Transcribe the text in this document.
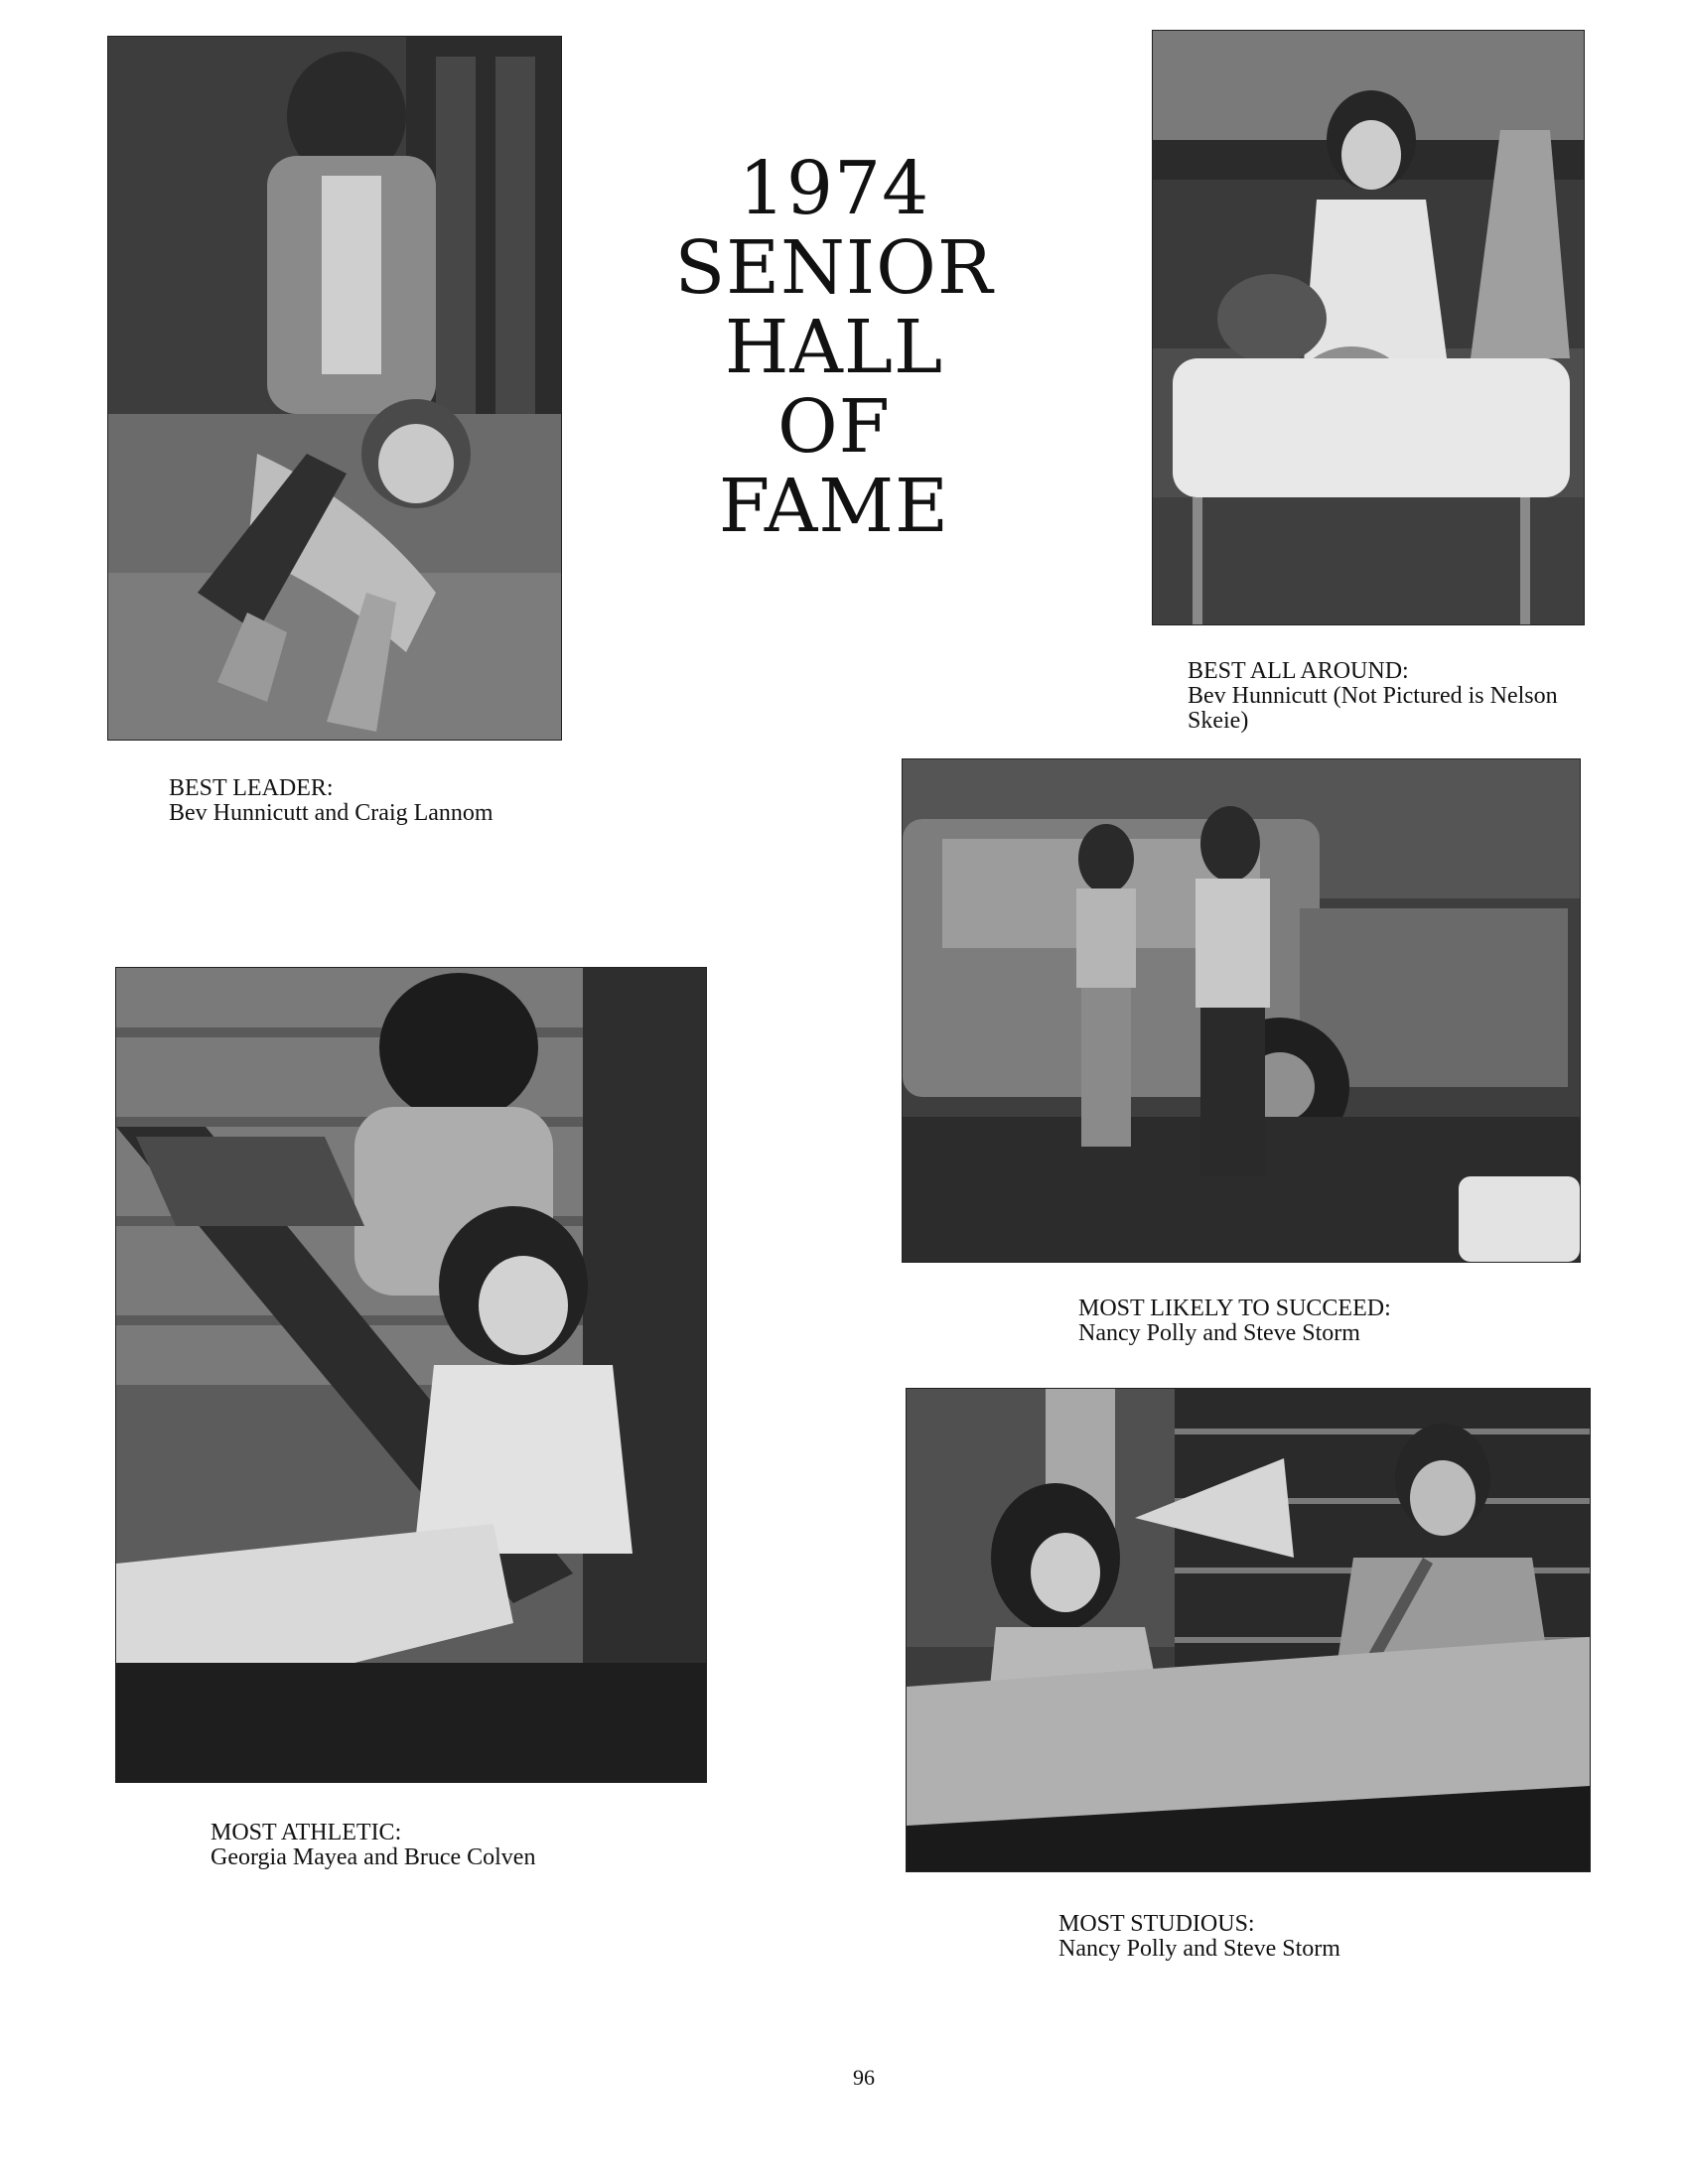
1974
SENIOR
HALL
OF
FAME
BEST LEADER:
Bev Hunnicutt and Craig Lannom
BEST ALL AROUND:
Bev Hunnicutt (Not Pictured is Nelson Skeie)
MOST LIKELY TO SUCCEED:
Nancy Polly and Steve Storm
MOST ATHLETIC:
Georgia Mayea and Bruce Colven
MOST STUDIOUS:
Nancy Polly and Steve Storm
96
